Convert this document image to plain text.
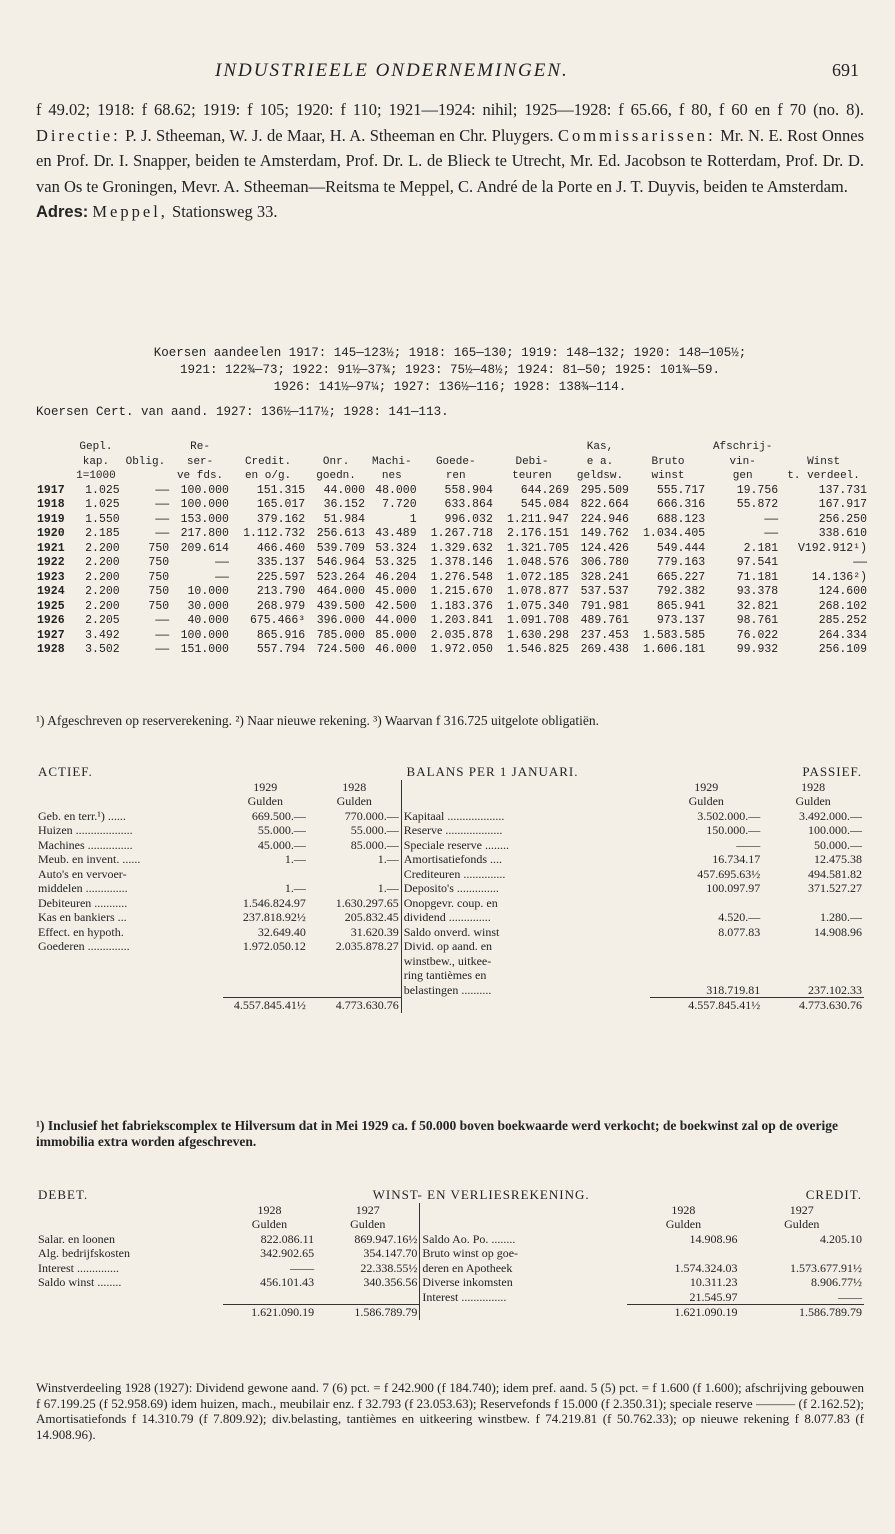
INDUSTRIEELE ONDERNEMINGEN.	691

f 49.02; 1918: f 68.62; 1919: f 105; 1920: f 110; 1921—1924: nihil; 1925—1928: f 65.66, f 80, f 60 en f 70 (no. 8). Directie: P. J. Stheeman, W. J. de Maar, H. A. Stheeman en Chr. Pluygers. Commissarissen: Mr. N. E. Rost Onnes en Prof. Dr. I. Snapper, beiden te Amsterdam, Prof. Dr. L. de Blieck te Utrecht, Mr. Ed. Jacobson te Rotterdam, Prof. Dr. D. van Os te Groningen, Mevr. A. Stheeman—Reitsma te Meppel, C. André de la Porte en J. T. Duyvis, beiden te Amsterdam.

Adres: Meppel, Stationsweg 33.

Koersen aandeelen 1917: 145—123½; 1918: 165—130; 1919: 148—132; 1920: 148—105½;
1921: 122¾—73; 1922: 91½—37¾; 1923: 75½—48½; 1924: 81—50; 1925: 101¾—59.
1926: 141½—97¼; 1927: 136½—116; 1928: 138¾—114.
Koersen Cert. van aand. 1927: 136½—117½; 1928: 141—113.
	Gepl.		Re-						Kas,		Afschrij-	
	kap.	Oblig.	ser-	Credit.	Onr.	Machi-	Goede-	Debi-	e a.	Bruto	vin-	Winst
	1=1000		ve fds.	en o/g.	goedn.	nes	ren	teuren	geldsw.	winst	gen	t. verdeel.
1917	1.025	——	100.000	151.315	44.000	48.000	558.904	644.269	295.509	555.717	19.756	137.731
1918	1.025	——	100.000	165.017	36.152	7.720	633.864	545.084	822.664	666.316	55.872	167.917
1919	1.550	——	153.000	379.162	51.984	1	996.032	1.211.947	224.946	688.123	——	256.250
1920	2.185	——	217.800	1.112.732	256.613	43.489	1.267.718	2.176.151	149.762	1.034.405	——	338.610
1921	2.200	750	209.614	466.460	539.709	53.324	1.329.632	1.321.705	124.426	549.444	2.181	V192.912¹)
1922	2.200	750	——	335.137	546.964	53.325	1.378.146	1.048.576	306.780	779.163	97.541	——
1923	2.200	750	——	225.597	523.264	46.204	1.276.548	1.072.185	328.241	665.227	71.181	14.136²)
1924	2.200	750	10.000	213.790	464.000	45.000	1.215.670	1.078.877	537.537	792.382	93.378	124.600
1925	2.200	750	30.000	268.979	439.500	42.500	1.183.376	1.075.340	791.981	865.941	32.821	268.102
1926	2.205	——	40.000	675.466³	396.000	44.000	1.203.841	1.091.708	489.761	973.137	98.761	285.252
1927	3.492	——	100.000	865.916	785.000	85.000	2.035.878	1.630.298	237.453	1.583.585	76.022	264.334
1928	3.502	——	151.000	557.794	724.500	46.000	1.972.050	1.546.825	269.438	1.606.181	99.932	256.109
¹) Afgeschreven op reserverekening. ²) Naar nieuwe rekening. ³) Waarvan f 316.725 uitgelote obligatiën.
ACTIEF.	BALANS PER 1 JANUARI.				PASSIEF.
	1929	1928		1929	1928
	Gulden	Gulden		Gulden	Gulden
Geb. en terr.¹) ......	669.500.—	770.000.—	Kapitaal ...................	3.502.000.—	3.492.000.—
Huizen ...................	55.000.—	55.000.—	Reserve ...................	150.000.—	100.000.—
Machines ...............	45.000.—	85.000.—	Speciale reserve ........	——	50.000.—
Meub. en invent. ......	1.—	1.—	Amortisatiefonds ....	16.734.17	12.475.38
Auto's en vervoer-			Crediteuren ..............	457.695.63½	494.581.82
middelen ..............	1.—	1.—	Deposito's ..............	100.097.97	371.527.27
Debiteuren ...........	1.546.824.97	1.630.297.65	Onopgevr. coup. en		
Kas en bankiers ...	237.818.92½	205.832.45	dividend ..............	4.520.—	1.280.—
Effect. en hypoth.	32.649.40	31.620.39	Saldo onverd. winst	8.077.83	14.908.96
Goederen ..............	1.972.050.12	2.035.878.27	Divid. op aand. en		
			winstbew., uitkee-		
			ring tantièmes en		
			belastingen ..........	318.719.81	237.102.33
	4.557.845.41½	4.773.630.76		4.557.845.41½	4.773.630.76
¹) Inclusief het fabriekscomplex te Hilversum dat in Mei 1929 ca. f 50.000 boven boekwaarde werd verkocht; de boekwinst zal op de overige immobilia extra worden afgeschreven.
DEBET.	WINST- EN VERLIESREKENING.				CREDIT.
	1928	1927		1928	1927
	Gulden	Gulden		Gulden	Gulden
Salar. en loonen	822.086.11	869.947.16½	Saldo Ao. Po. ........	14.908.96	4.205.10
Alg. bedrijfskosten	342.902.65	354.147.70	Bruto winst op goe-		
Interest ..............	——	22.338.55½	deren en Apotheek	1.574.324.03	1.573.677.91½
Saldo winst ........	456.101.43	340.356.56	Diverse inkomsten	10.311.23	8.906.77½
			Interest ...............	21.545.97	——
	1.621.090.19	1.586.789.79		1.621.090.19	1.586.789.79
Winstverdeeling 1928 (1927): Dividend gewone aand. 7 (6) pct. = f 242.900 (f 184.740); idem pref. aand. 5 (5) pct. = f 1.600 (f 1.600); afschrijving gebouwen f 67.199.25 (f 52.958.69) idem huizen, mach., meubilair enz. f 32.793 (f 23.053.63); Reservefonds f 15.000 (f 2.350.31); speciale reserve ——— (f 2.162.52); Amortisatiefonds f 14.310.79 (f 7.809.92); div.belasting, tantièmes en uitkeering winstbew. f 74.219.81 (f 50.762.33); op nieuwe rekening f 8.077.83 (f 14.908.96).
